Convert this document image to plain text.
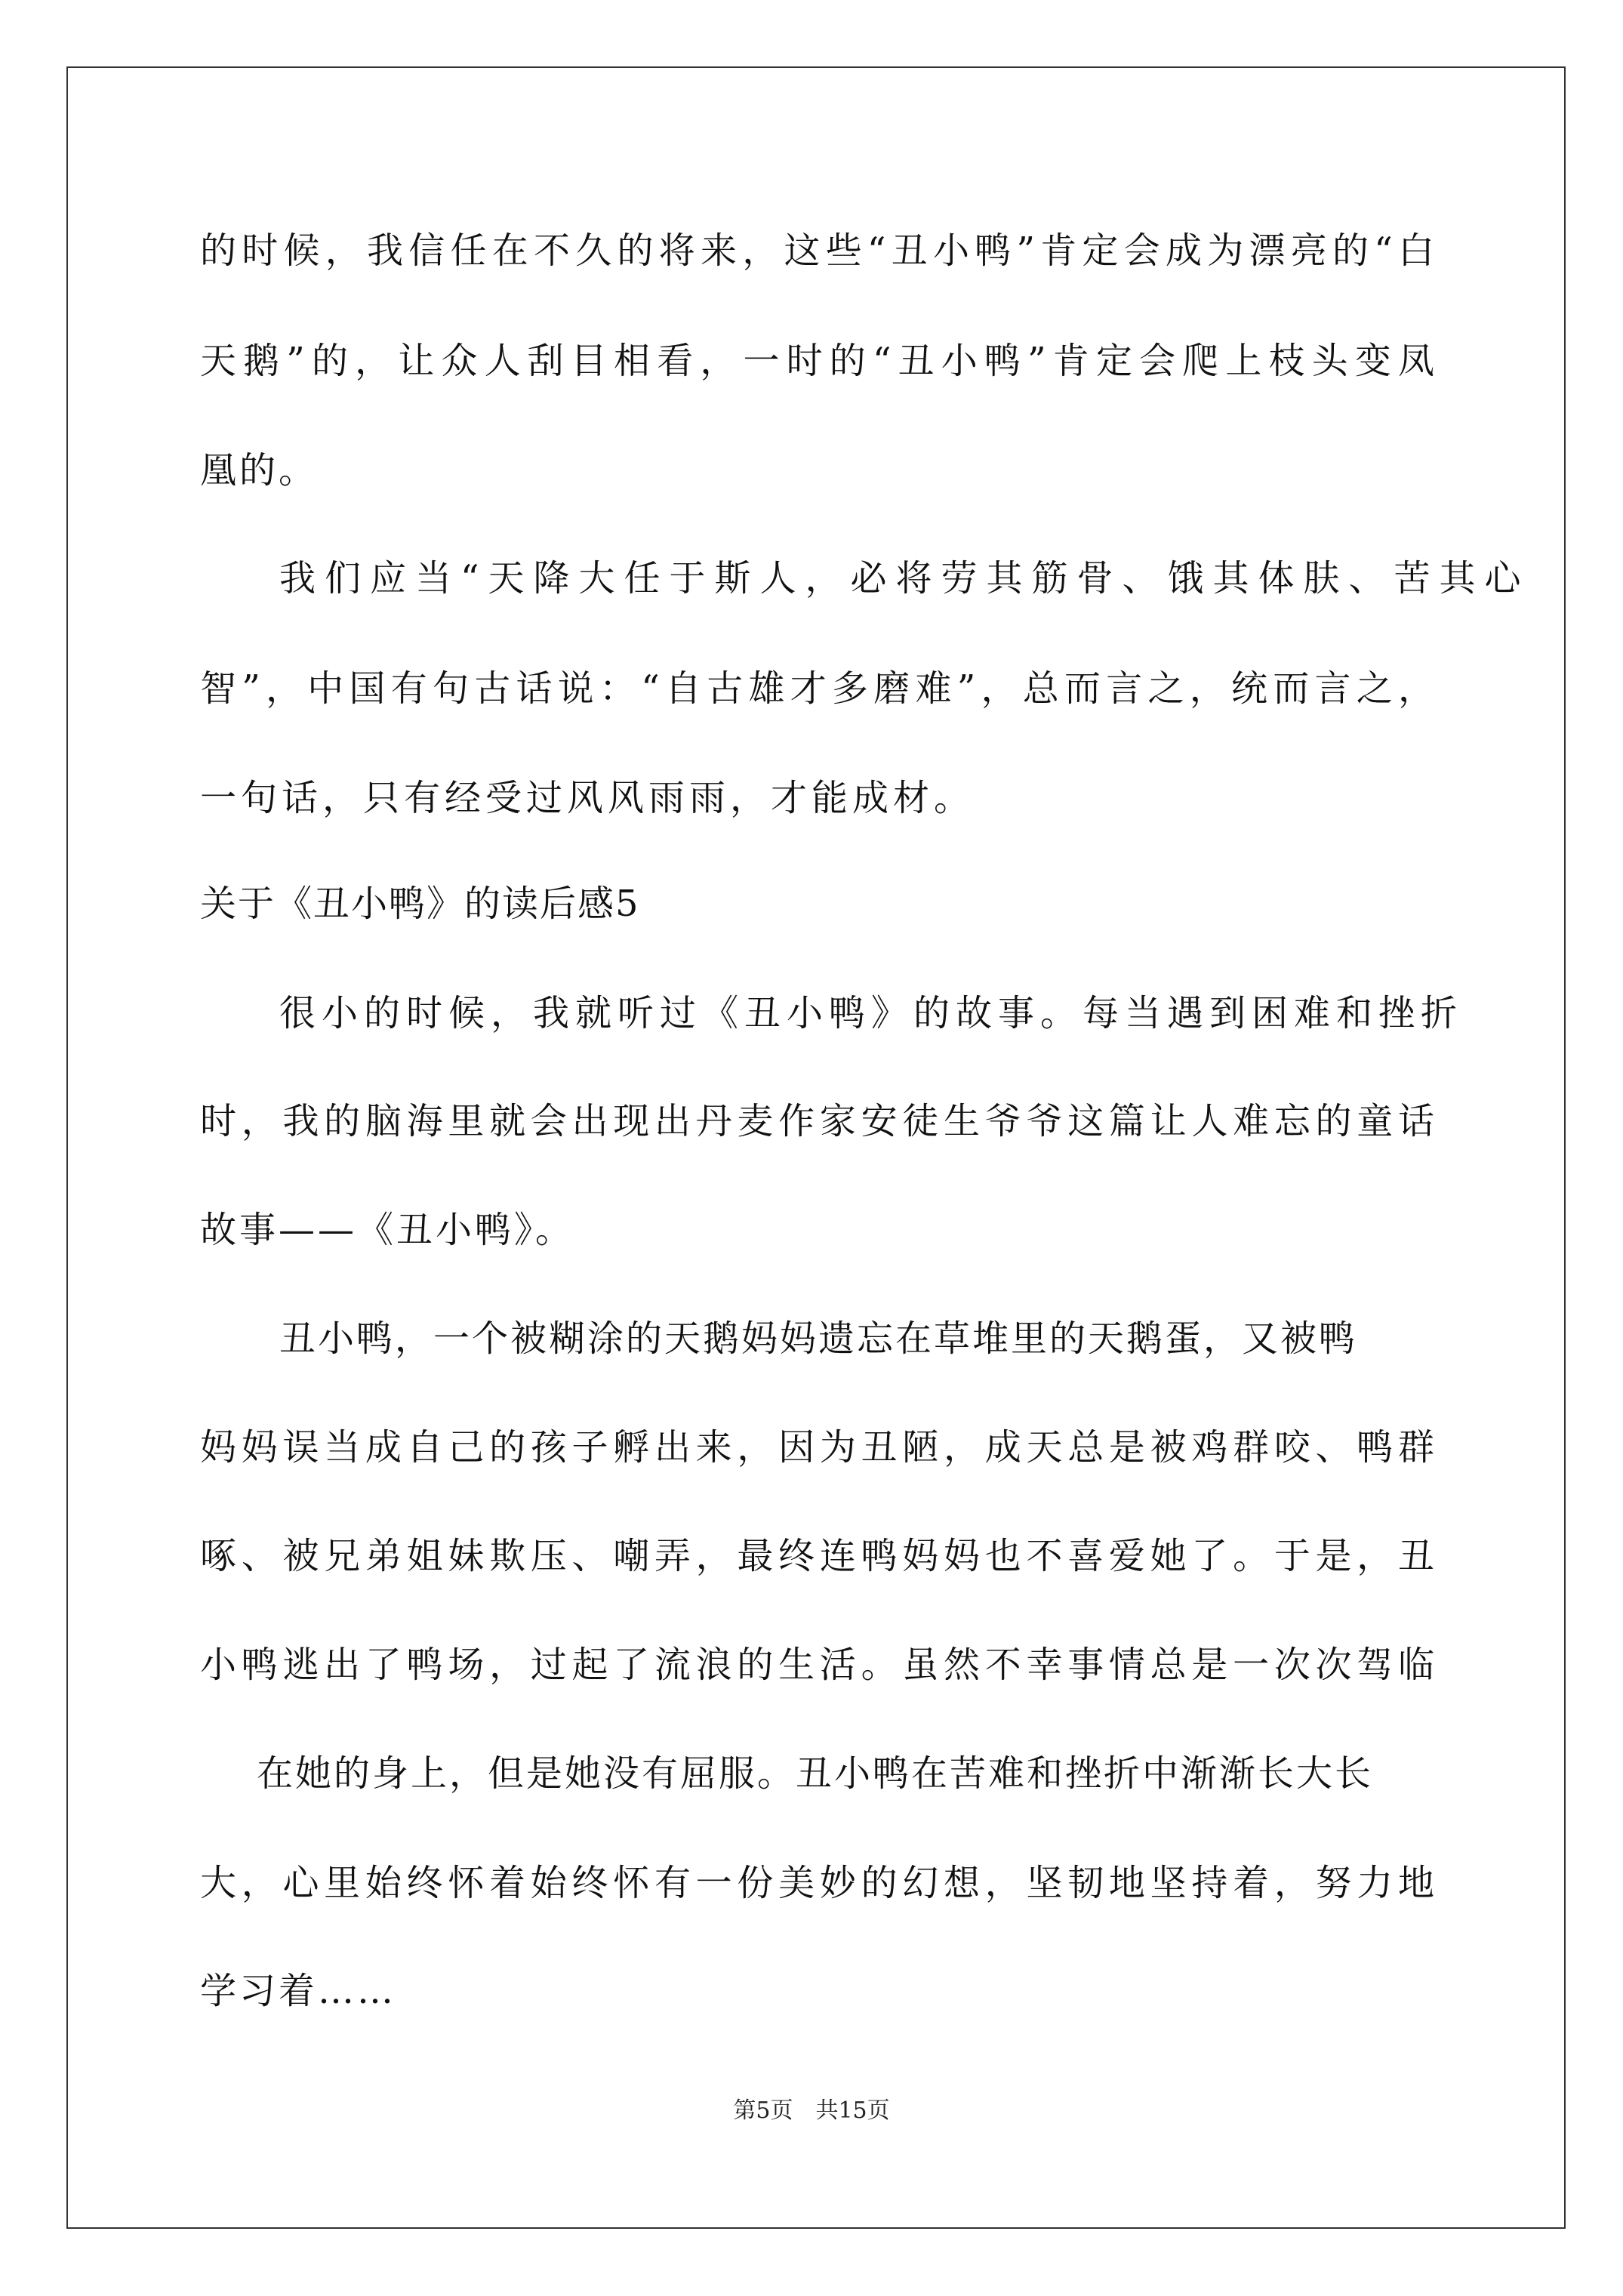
的时候，我信任在不久的将来，这些“丑小鸭”肯定会成为漂亮的“白
天鹅”的，让众人刮目相看，一时的“丑小鸭”肯定会爬上枝头变凤
凰的。
我们应当“天降大任于斯人，必将劳其筋骨、饿其体肤、苦其心
智”，中国有句古话说：“自古雄才多磨难”，总而言之，统而言之，
一句话，只有经受过风风雨雨，才能成材。
关于《丑小鸭》的读后感5
很小的时候，我就听过《丑小鸭》的故事。每当遇到困难和挫折
时，我的脑海里就会出现出丹麦作家安徒生爷爷这篇让人难忘的童话
故事——《丑小鸭》。
丑小鸭，一个被糊涂的天鹅妈妈遗忘在草堆里的天鹅蛋，又被鸭
妈妈误当成自己的孩子孵出来，因为丑陋，成天总是被鸡群咬、鸭群
啄、被兄弟姐妹欺压、嘲弄，最终连鸭妈妈也不喜爱她了。于是，丑
小鸭逃出了鸭场，过起了流浪的生活。虽然不幸事情总是一次次驾临
在她的身上，但是她没有屈服。丑小鸭在苦难和挫折中渐渐长大长
大，心里始终怀着始终怀有一份美妙的幻想，坚韧地坚持着，努力地
学习着……
第5页　共15页
